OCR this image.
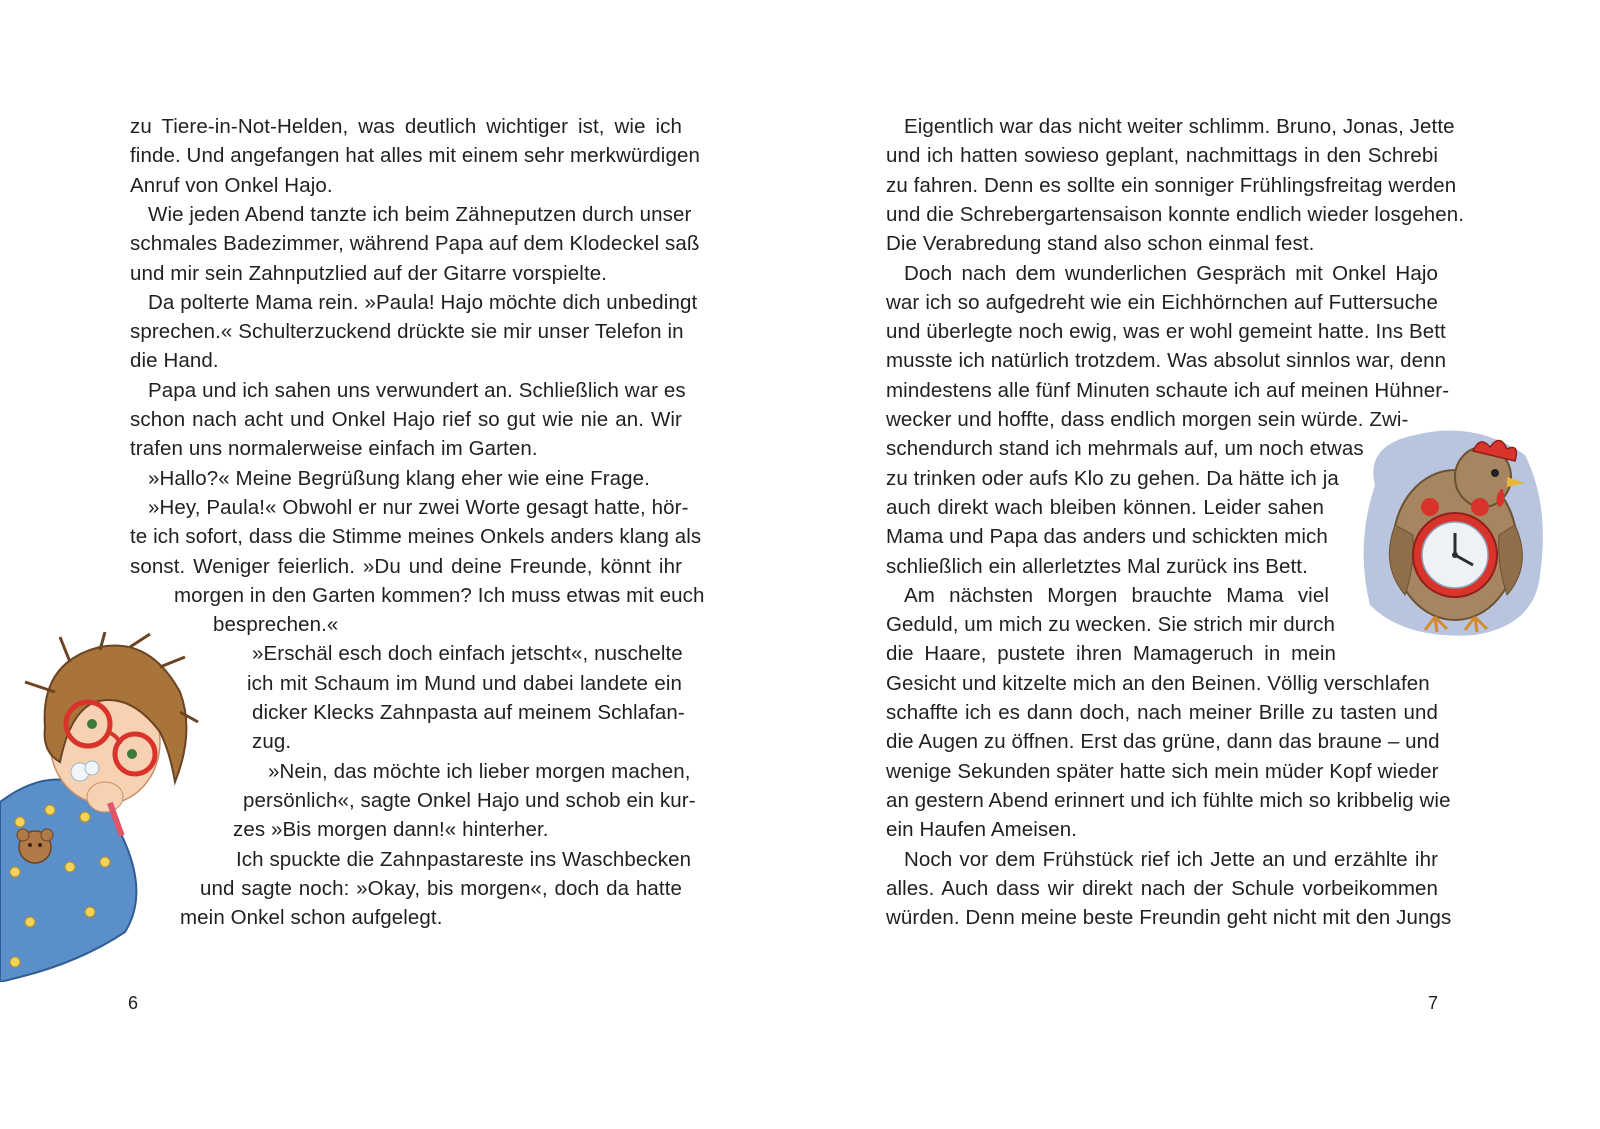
zu Tiere-in-Not-Helden, was deutlich wichtiger ist, wie ich
finde. Und angefangen hat alles mit einem sehr merkwürdigen
Anruf von Onkel Hajo.
Wie jeden Abend tanzte ich beim Zähneputzen durch unser
schmales Badezimmer, während Papa auf dem Klodeckel saß
und mir sein Zahnputzlied auf der Gitarre vorspielte.
Da polterte Mama rein. »Paula! Hajo möchte dich unbedingt
sprechen.« Schulterzuckend drückte sie mir unser Telefon in
die Hand.
Papa und ich sahen uns verwundert an. Schließlich war es
schon nach acht und Onkel Hajo rief so gut wie nie an. Wir
trafen uns normalerweise einfach im Garten.
»Hallo?« Meine Begrüßung klang eher wie eine Frage.
»Hey, Paula!« Obwohl er nur zwei Worte gesagt hatte, hör-
te ich sofort, dass die Stimme meines Onkels anders klang als
sonst. Weniger feierlich. »Du und deine Freunde, könnt ihr
morgen in den Garten kommen? Ich muss etwas mit euch
besprechen.«
»Erschäl esch doch einfach jetscht«, nuschelte
ich mit Schaum im Mund und dabei landete ein
dicker Klecks Zahnpasta auf meinem Schlafan-
zug.
»Nein, das möchte ich lieber morgen machen,
persönlich«, sagte Onkel Hajo und schob ein kur-
zes »Bis morgen dann!« hinterher.
Ich spuckte die Zahnpastareste ins Waschbecken
und sagte noch: »Okay, bis morgen«, doch da hatte
mein Onkel schon aufgelegt.
6
Eigentlich war das nicht weiter schlimm. Bruno, Jonas, Jette
und ich hatten sowieso geplant, nachmittags in den Schrebi
zu fahren. Denn es sollte ein sonniger Frühlingsfreitag werden
und die Schrebergartensaison konnte endlich wieder losgehen.
Die Verabredung stand also schon einmal fest.
Doch nach dem wunderlichen Gespräch mit Onkel Hajo
war ich so aufgedreht wie ein Eichhörnchen auf Futtersuche
und überlegte noch ewig, was er wohl gemeint hatte. Ins Bett
musste ich natürlich trotzdem. Was absolut sinnlos war, denn
mindestens alle fünf Minuten schaute ich auf meinen Hühner-
wecker und hoffte, dass endlich morgen sein würde. Zwi-
schendurch stand ich mehrmals auf, um noch etwas
zu trinken oder aufs Klo zu gehen. Da hätte ich ja
auch direkt wach bleiben können. Leider sahen
Mama und Papa das anders und schickten mich
schließlich ein allerletztes Mal zurück ins Bett.
Am nächsten Morgen brauchte Mama viel
Geduld, um mich zu wecken. Sie strich mir durch
die Haare, pustete ihren Mamageruch in mein
Gesicht und kitzelte mich an den Beinen. Völlig verschlafen
schaffte ich es dann doch, nach meiner Brille zu tasten und
die Augen zu öffnen. Erst das grüne, dann das braune – und
wenige Sekunden später hatte sich mein müder Kopf wieder
an gestern Abend erinnert und ich fühlte mich so kribbelig wie
ein Haufen Ameisen.
Noch vor dem Frühstück rief ich Jette an und erzählte ihr
alles. Auch dass wir direkt nach der Schule vorbeikommen
würden. Denn meine beste Freundin geht nicht mit den Jungs
7
